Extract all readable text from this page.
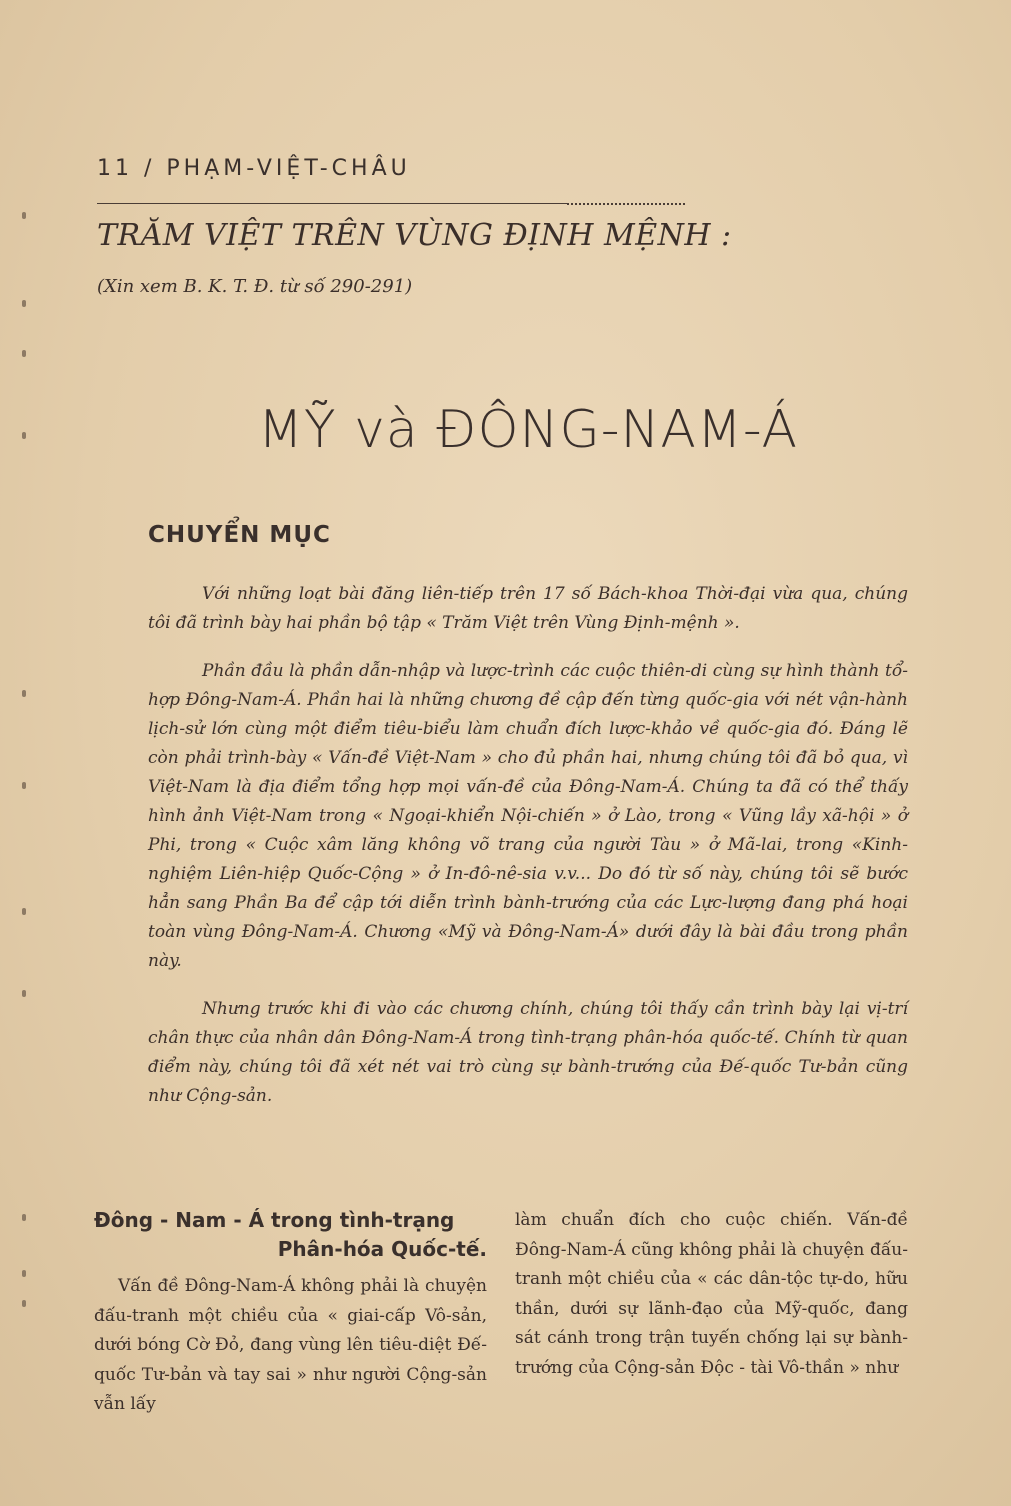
11 / PHẠM-VIỆT-CHÂU
TRĂM VIỆT TRÊN VÙNG ĐỊNH MỆNH :
(Xin xem B. K. T. Đ. từ số 290-291)
MỸ và ĐÔNG-NAM-Á
CHUYỂN MỤC

Với những loạt bài đăng liên-tiếp trên 17 số Bách-khoa Thời-đại vừa qua, chúng tôi đã trình bày hai phần bộ tập « Trăm Việt trên Vùng Định-mệnh ».

Phần đầu là phần dẫn-nhập và lược-trình các cuộc thiên-di cùng sự hình thành tổ-hợp Đông-Nam-Á. Phần hai là những chương đề cập đến từng quốc-gia với nét vận-hành lịch-sử lớn cùng một điểm tiêu-biểu làm chuẩn đích lược-khảo về quốc-gia đó. Đáng lẽ còn phải trình-bày « Vấn-đề Việt-Nam » cho đủ phần hai, nhưng chúng tôi đã bỏ qua, vì Việt-Nam là địa điểm tổng hợp mọi vấn-đề của Đông-Nam-Á. Chúng ta đã có thể thấy hình ảnh Việt-Nam trong « Ngoại-khiển Nội-chiến » ở Lào, trong « Vũng lầy xã-hội » ở Phi, trong « Cuộc xâm lăng không võ trang của người Tàu » ở Mã-lai, trong «Kinh-nghiệm Liên-hiệp Quốc-Cộng » ở In-đô-nê-sia v.v... Do đó từ số này, chúng tôi sẽ bước hẳn sang Phần Ba để cập tới diễn trình bành-trướng của các Lực-lượng đang phá hoại toàn vùng Đông-Nam-Á. Chương «Mỹ và Đông-Nam-Á» dưới đây là bài đầu trong phần này.

Nhưng trước khi đi vào các chương chính, chúng tôi thấy cần trình bày lại vị-trí chân thực của nhân dân Đông-Nam-Á trong tình-trạng phân-hóa quốc-tế. Chính từ quan điểm này, chúng tôi đã xét nét vai trò cùng sự bành-trướng của Đế-quốc Tư-bản cũng như Cộng-sản.

Đông - Nam - Á trong tình-trạng
Phân-hóa Quốc-tế.

Vấn đề Đông-Nam-Á không phải là chuyện đấu-tranh một chiều của « giai-cấp Vô-sản, dưới bóng Cờ Đỏ, đang vùng lên tiêu-diệt Đế-quốc Tư-bản và tay sai » như người Cộng-sản vẫn lấy

làm chuẩn đích cho cuộc chiến. Vấn-đề Đông-Nam-Á cũng không phải là chuyện đấu-tranh một chiều của « các dân-tộc tự-do, hữu thần, dưới sự lãnh-đạo của Mỹ-quốc, đang sát cánh trong trận tuyến chống lại sự bành-trướng của Cộng-sản Độc - tài Vô-thần » như
